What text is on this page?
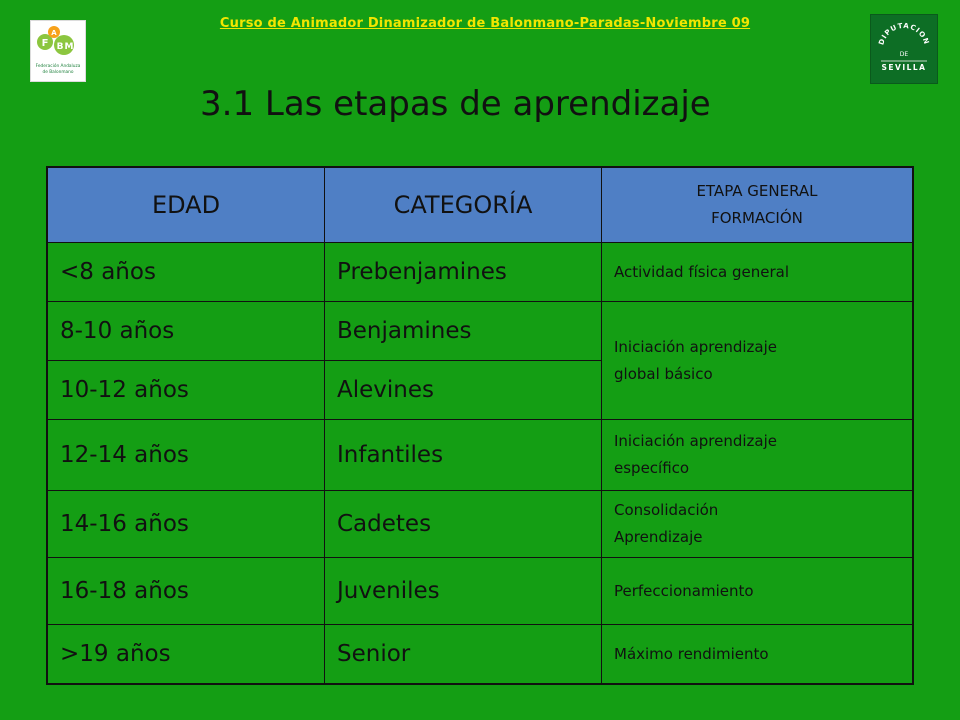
Curso de Animador Dinamizador de Balonmano-Paradas-Noviembre 09
F
A
B M
Federación Andaluza
de Balonmano
DIPUTACION
DE
SEVILLA
3.1 Las etapas de aprendizaje
EDAD	CATEGORÍA	ETAPA GENERAL
FORMACIÓN

<8 años	Prebenjamines	Actividad física general

8-10 años	Benjamines	Iniciación aprendizaje
global básico

10-12 años	Alevines	
12-14 años	Infantiles	Iniciación aprendizaje
específico

14-16 años	Cadetes	Consolidación
Aprendizaje

16-18 años	Juveniles	Perfeccionamiento

>19 años	Senior	Máximo rendimiento
